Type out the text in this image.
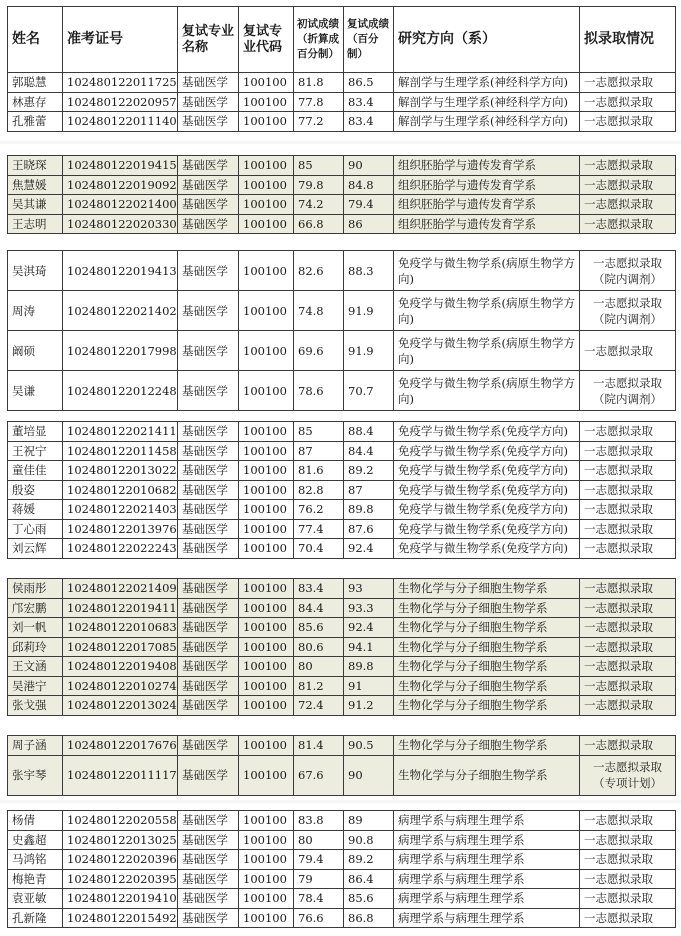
姓名	准考证号	复试专业名称	复试专业代码	初试成绩（折算成百分制）	复试成绩（百分制）	研究方向（系）	拟录取情况
郭聪慧	102480122011725	基础医学	100100	81.8	86.5	解剖学与生理学系(神经科学方向)	一志愿拟录取
林惠存	102480122020957	基础医学	100100	77.8	83.4	解剖学与生理学系(神经科学方向)	一志愿拟录取
孔雅蕾	102480122011140	基础医学	100100	77.2	83.4	解剖学与生理学系(神经科学方向)	一志愿拟录取
王晓琛	102480122019415	基础医学	100100	85	90	组织胚胎学与遗传发育学系	一志愿拟录取
焦慧媛	102480122019092	基础医学	100100	79.8	84.8	组织胚胎学与遗传发育学系	一志愿拟录取
吴其谦	102480122021400	基础医学	100100	74.2	79.4	组织胚胎学与遗传发育学系	一志愿拟录取
王志明	102480122020330	基础医学	100100	66.8	86	组织胚胎学与遗传发育学系	一志愿拟录取
吴淇琦	102480122019413	基础医学	100100	82.6	88.3	免疫学与微生物学系(病原生物学方向)	一志愿拟录取（院内调剂）
周涛	102480122021402	基础医学	100100	74.8	91.9	免疫学与微生物学系(病原生物学方向)	一志愿拟录取（院内调剂）
阚硕	102480122017998	基础医学	100100	69.6	91.9	免疫学与微生物学系(病原生物学方向)	一志愿拟录取
吴谦	102480122012248	基础医学	100100	78.6	70.7	免疫学与微生物学系(病原生物学方向)	一志愿拟录取（院内调剂）
董培显	102480122021411	基础医学	100100	85	88.4	免疫学与微生物学系(免疫学方向)	一志愿拟录取
王祝宁	102480122011458	基础医学	100100	87	84.4	免疫学与微生物学系(免疫学方向)	一志愿拟录取
童佳佳	102480122013022	基础医学	100100	81.6	89.2	免疫学与微生物学系(免疫学方向)	一志愿拟录取
殷姿	102480122010682	基础医学	100100	82.8	87	免疫学与微生物学系(免疫学方向)	一志愿拟录取
蒋媛	102480122021403	基础医学	100100	76.2	89.8	免疫学与微生物学系(免疫学方向)	一志愿拟录取
丁心雨	102480122013976	基础医学	100100	77.4	87.6	免疫学与微生物学系(免疫学方向)	一志愿拟录取
刘云辉	102480122022243	基础医学	100100	70.4	92.4	免疫学与微生物学系(免疫学方向)	一志愿拟录取
侯雨彤	102480122021409	基础医学	100100	83.4	93	生物化学与分子细胞生物学系	一志愿拟录取
邝宏鹏	102480122019411	基础医学	100100	84.4	93.3	生物化学与分子细胞生物学系	一志愿拟录取
刘一帆	102480122010683	基础医学	100100	85.6	92.4	生物化学与分子细胞生物学系	一志愿拟录取
邱莉玲	102480122017085	基础医学	100100	80.6	94.1	生物化学与分子细胞生物学系	一志愿拟录取
王文涵	102480122019408	基础医学	100100	80	89.8	生物化学与分子细胞生物学系	一志愿拟录取
吴港宁	102480122010274	基础医学	100100	81.2	91	生物化学与分子细胞生物学系	一志愿拟录取
张戈强	102480122013024	基础医学	100100	72.4	91.2	生物化学与分子细胞生物学系	一志愿拟录取
周子涵	102480122017676	基础医学	100100	81.4	90.5	生物化学与分子细胞生物学系	一志愿拟录取
张宇琴	102480122011117	基础医学	100100	67.6	90	生物化学与分子细胞生物学系	一志愿拟录取（专项计划）
杨倩	102480122020558	基础医学	100100	83.8	89	病理学系与病理生理学系	一志愿拟录取
史鑫超	102480122013025	基础医学	100100	80	90.8	病理学系与病理生理学系	一志愿拟录取
马鸿铭	102480122020396	基础医学	100100	79.4	89.2	病理学系与病理生理学系	一志愿拟录取
梅艳青	102480122020395	基础医学	100100	79	86.4	病理学系与病理生理学系	一志愿拟录取
袁亚敏	102480122019410	基础医学	100100	78.4	85.6	病理学系与病理生理学系	一志愿拟录取
孔新隆	102480122015492	基础医学	100100	76.6	86.8	病理学系与病理生理学系	一志愿拟录取
